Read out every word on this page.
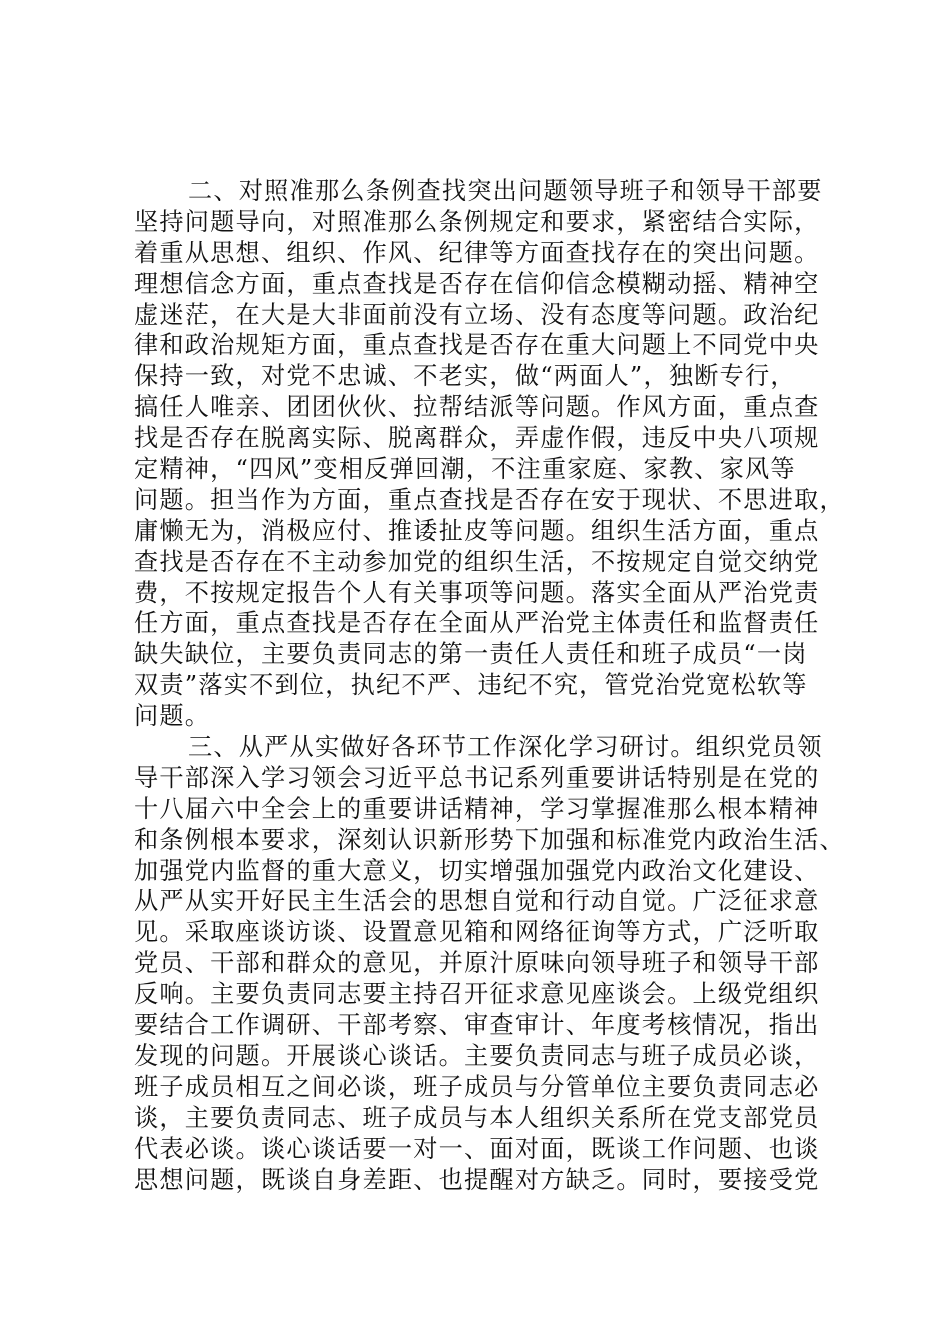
二、对照准那么条例查找突出问题领导班子和领导干部要
坚持问题导向，对照准那么条例规定和要求，紧密结合实际，
着重从思想、组织、作风、纪律等方面查找存在的突出问题。
理想信念方面，重点查找是否存在信仰信念模糊动摇、精神空
虚迷茫，在大是大非面前没有立场、没有态度等问题。政治纪
律和政治规矩方面，重点查找是否存在重大问题上不同党中央
保持一致，对党不忠诚、不老实，做“两面人”，独断专行，
搞任人唯亲、团团伙伙、拉帮结派等问题。作风方面，重点查
找是否存在脱离实际、脱离群众，弄虚作假，违反中央八项规
定精神，“四风”变相反弹回潮，不注重家庭、家教、家风等
问题。担当作为方面，重点查找是否存在安于现状、不思进取，
庸懒无为，消极应付、推诿扯皮等问题。组织生活方面，重点
查找是否存在不主动参加党的组织生活，不按规定自觉交纳党
费，不按规定报告个人有关事项等问题。落实全面从严治党责
任方面，重点查找是否存在全面从严治党主体责任和监督责任
缺失缺位，主要负责同志的第一责任人责任和班子成员“一岗
双责”落实不到位，执纪不严、违纪不究，管党治党宽松软等
问题。
三、从严从实做好各环节工作深化学习研讨。组织党员领
导干部深入学习领会习近平总书记系列重要讲话特别是在党的
十八届六中全会上的重要讲话精神，学习掌握准那么根本精神
和条例根本要求，深刻认识新形势下加强和标准党内政治生活、
加强党内监督的重大意义，切实增强加强党内政治文化建设、
从严从实开好民主生活会的思想自觉和行动自觉。广泛征求意
见。采取座谈访谈、设置意见箱和网络征询等方式，广泛听取
党员、干部和群众的意见，并原汁原味向领导班子和领导干部
反响。主要负责同志要主持召开征求意见座谈会。上级党组织
要结合工作调研、干部考察、审查审计、年度考核情况，指出
发现的问题。开展谈心谈话。主要负责同志与班子成员必谈，
班子成员相互之间必谈，班子成员与分管单位主要负责同志必
谈，主要负责同志、班子成员与本人组织关系所在党支部党员
代表必谈。谈心谈话要一对一、面对面，既谈工作问题、也谈
思想问题，既谈自身差距、也提醒对方缺乏。同时，要接受党
